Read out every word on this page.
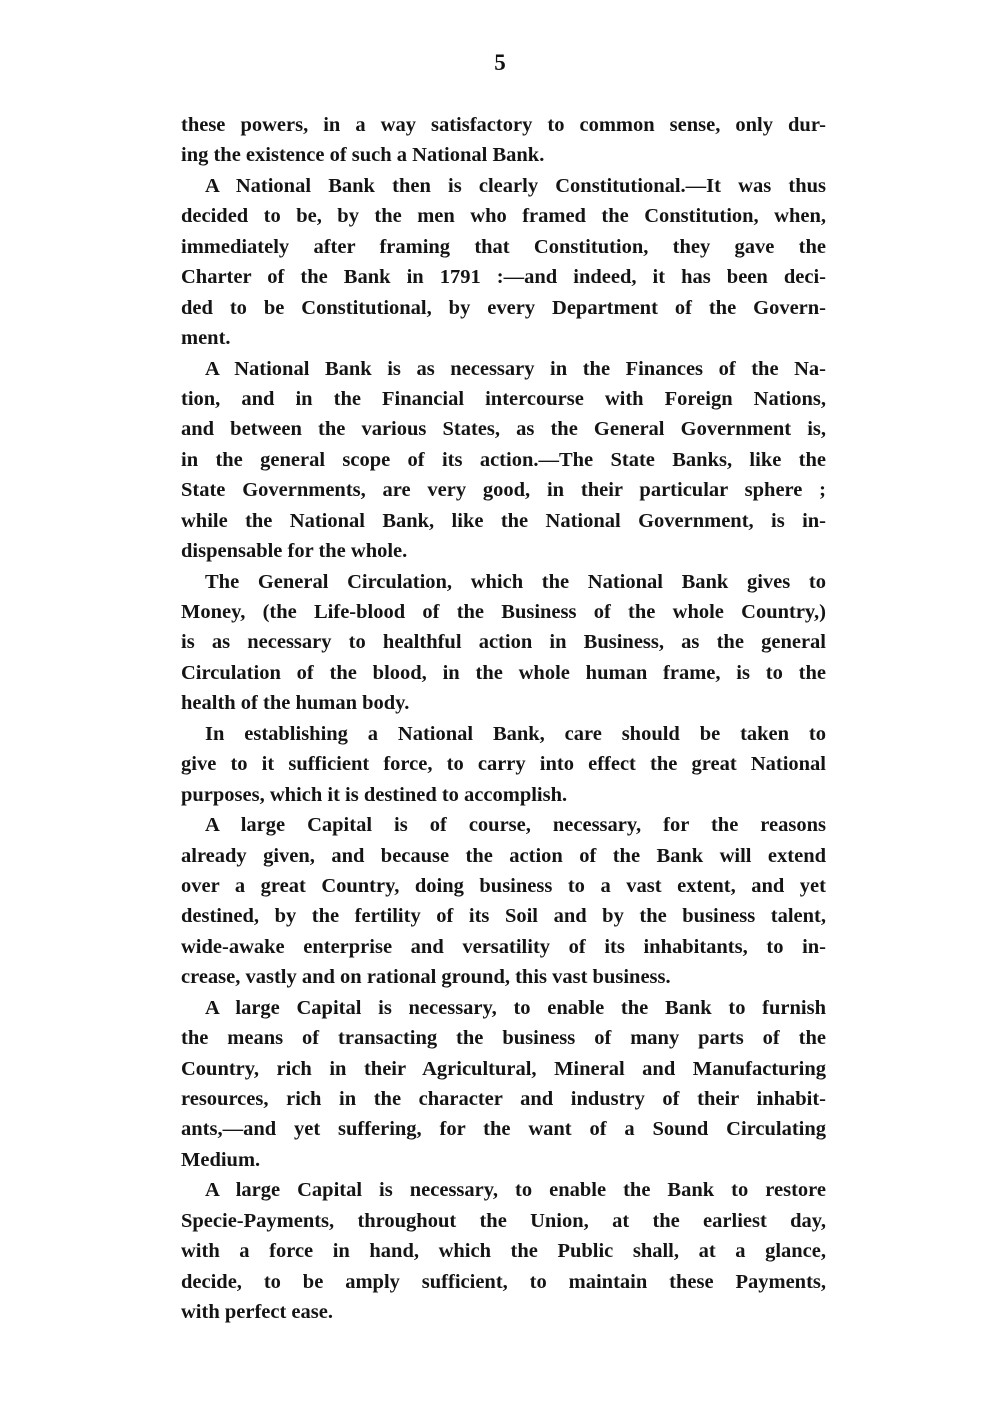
5
these powers, in a way satisfactory to common sense, only dur-
ing the existence of such a National Bank.
A National Bank then is clearly Constitutional.—It was thus
decided to be, by the men who framed the Constitution, when,
immediately after framing that Constitution, they gave the
Charter of the Bank in 1791 :—and indeed, it has been deci-
ded to be Constitutional, by every Department of the Govern-
ment.
A National Bank is as necessary in the Finances of the Na-
tion, and in the Financial intercourse with Foreign Nations,
and between the various States, as the General Government is,
in the general scope of its action.—The State Banks, like the
State Governments, are very good, in their particular sphere ;
while the National Bank, like the National Government, is in-
dispensable for the whole.
The General Circulation, which the National Bank gives to
Money, (the Life-blood of the Business of the whole Country,)
is as necessary to healthful action in Business, as the general
Circulation of the blood, in the whole human frame, is to the
health of the human body.
In establishing a National Bank, care should be taken to
give to it sufficient force, to carry into effect the great National
purposes, which it is destined to accomplish.
A large Capital is of course, necessary, for the reasons
already given, and because the action of the Bank will extend
over a great Country, doing business to a vast extent, and yet
destined, by the fertility of its Soil and by the business talent,
wide-awake enterprise and versatility of its inhabitants, to in-
crease, vastly and on rational ground, this vast business.
A large Capital is necessary, to enable the Bank to furnish
the means of transacting the business of many parts of the
Country, rich in their Agricultural, Mineral and Manufacturing
resources, rich in the character and industry of their inhabit-
ants,—and yet suffering, for the want of a Sound Circulating
Medium.
A large Capital is necessary, to enable the Bank to restore
Specie-Payments, throughout the Union, at the earliest day,
with a force in hand, which the Public shall, at a glance,
decide, to be amply sufficient, to maintain these Payments,
with perfect ease.
